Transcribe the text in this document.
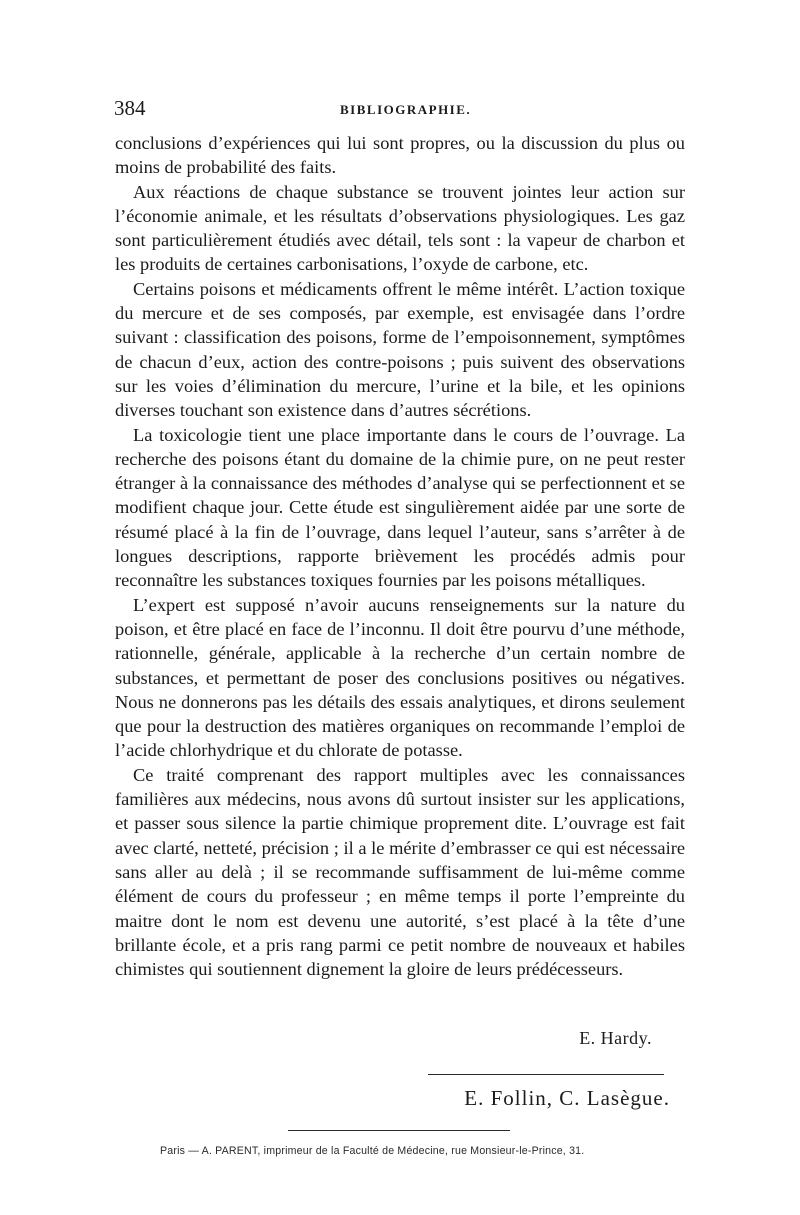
384	BIBLIOGRAPHIE.

conclusions d’expériences qui lui sont propres, ou la discussion du plus ou moins de probabilité des faits.

Aux réactions de chaque substance se trouvent jointes leur action sur l’économie animale, et les résultats d’observations physiologiques. Les gaz sont particulièrement étudiés avec détail, tels sont : la vapeur de charbon et les produits de certaines carbonisations, l’oxyde de carbone, etc.

Certains poisons et médicaments offrent le même intérêt. L’action toxique du mercure et de ses composés, par exemple, est envisagée dans l’ordre suivant : classification des poisons, forme de l’empoisonnement, symptômes de chacun d’eux, action des contre-poisons ; puis suivent des observations sur les voies d’élimination du mercure, l’urine et la bile, et les opinions diverses touchant son existence dans d’autres sécrétions.

La toxicologie tient une place importante dans le cours de l’ouvrage. La recherche des poisons étant du domaine de la chimie pure, on ne peut rester étranger à la connaissance des méthodes d’analyse qui se perfectionnent et se modifient chaque jour. Cette étude est singulièrement aidée par une sorte de résumé placé à la fin de l’ouvrage, dans lequel l’auteur, sans s’arrêter à de longues descriptions, rapporte brièvement les procédés admis pour reconnaître les substances toxiques fournies par les poisons métalliques.

L’expert est supposé n’avoir aucuns renseignements sur la nature du poison, et être placé en face de l’inconnu. Il doit être pourvu d’une méthode, rationnelle, générale, applicable à la recherche d’un certain nombre de substances, et permettant de poser des conclusions positives ou négatives. Nous ne donnerons pas les détails des essais analytiques, et dirons seulement que pour la destruction des matières organiques on recommande l’emploi de l’acide chlorhydrique et du chlorate de potasse.

Ce traité comprenant des rapport multiples avec les connaissances familières aux médecins, nous avons dû surtout insister sur les applications, et passer sous silence la partie chimique proprement dite. L’ouvrage est fait avec clarté, netteté, précision ; il a le mérite d’embrasser ce qui est nécessaire sans aller au delà ; il se recommande suffisamment de lui-même comme élément de cours du professeur ; en même temps il porte l’empreinte du maitre dont le nom est devenu une autorité, s’est placé à la tête d’une brillante école, et a pris rang parmi ce petit nombre de nouveaux et habiles chimistes qui soutiennent dignement la gloire de leurs prédécesseurs.

E. Hardy.
E. Follin, C. Lasègue.
Paris — A. PARENT, imprimeur de la Faculté de Médecine, rue Monsieur-le-Prince, 31.
